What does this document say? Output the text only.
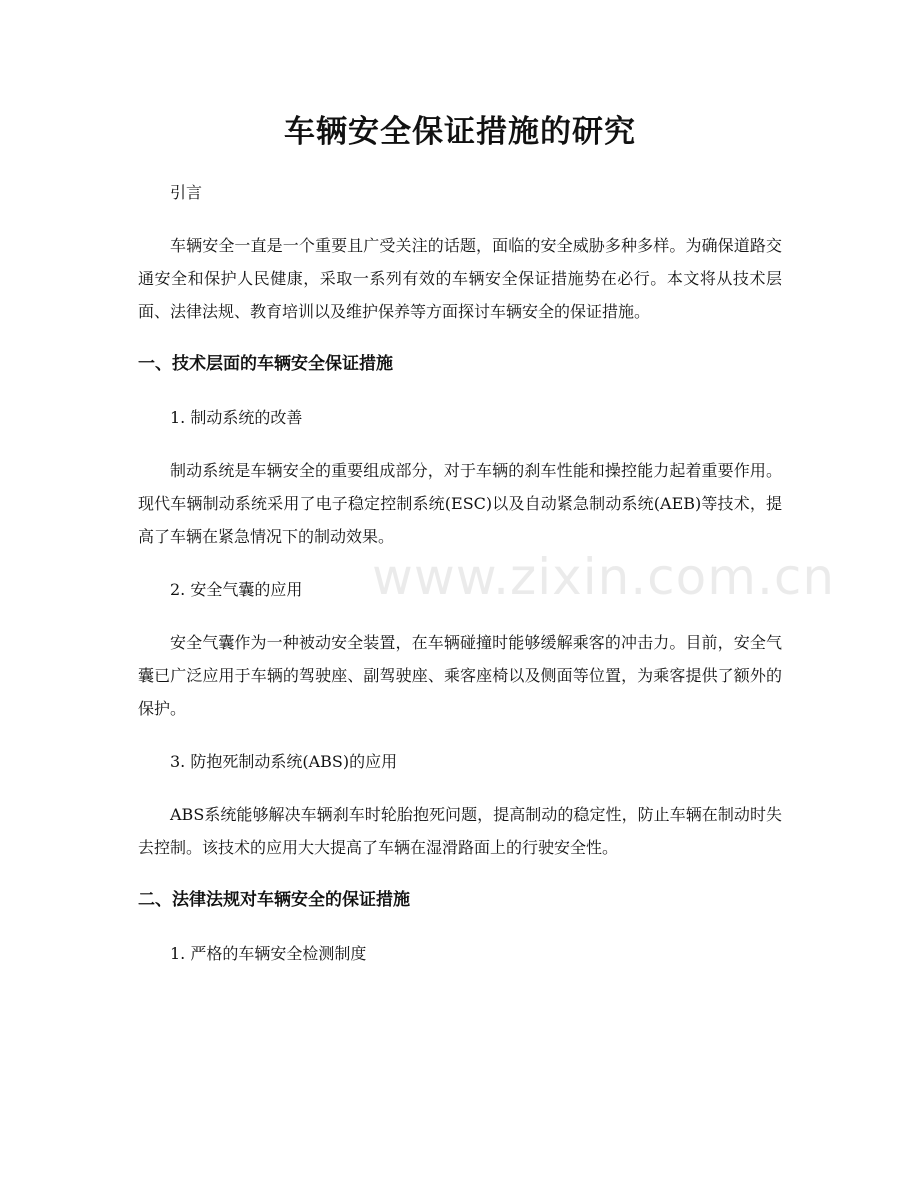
车辆安全保证措施的研究

引言

车辆安全一直是一个重要且广受关注的话题，面临的安全威胁多种多样。为确保道路交通安全和保护人民健康，采取一系列有效的车辆安全保证措施势在必行。本文将从技术层面、法律法规、教育培训以及维护保养等方面探讨车辆安全的保证措施。

一、技术层面的车辆安全保证措施

1. 制动系统的改善

制动系统是车辆安全的重要组成部分，对于车辆的刹车性能和操控能力起着重要作用。现代车辆制动系统采用了电子稳定控制系统(ESC)以及自动紧急制动系统(AEB)等技术，提高了车辆在紧急情况下的制动效果。

2. 安全气囊的应用

安全气囊作为一种被动安全装置，在车辆碰撞时能够缓解乘客的冲击力。目前，安全气囊已广泛应用于车辆的驾驶座、副驾驶座、乘客座椅以及侧面等位置，为乘客提供了额外的保护。

3. 防抱死制动系统(ABS)的应用

ABS系统能够解决车辆刹车时轮胎抱死问题，提高制动的稳定性，防止车辆在制动时失去控制。该技术的应用大大提高了车辆在湿滑路面上的行驶安全性。

二、法律法规对车辆安全的保证措施

1. 严格的车辆安全检测制度

www.zixin.com.cn
